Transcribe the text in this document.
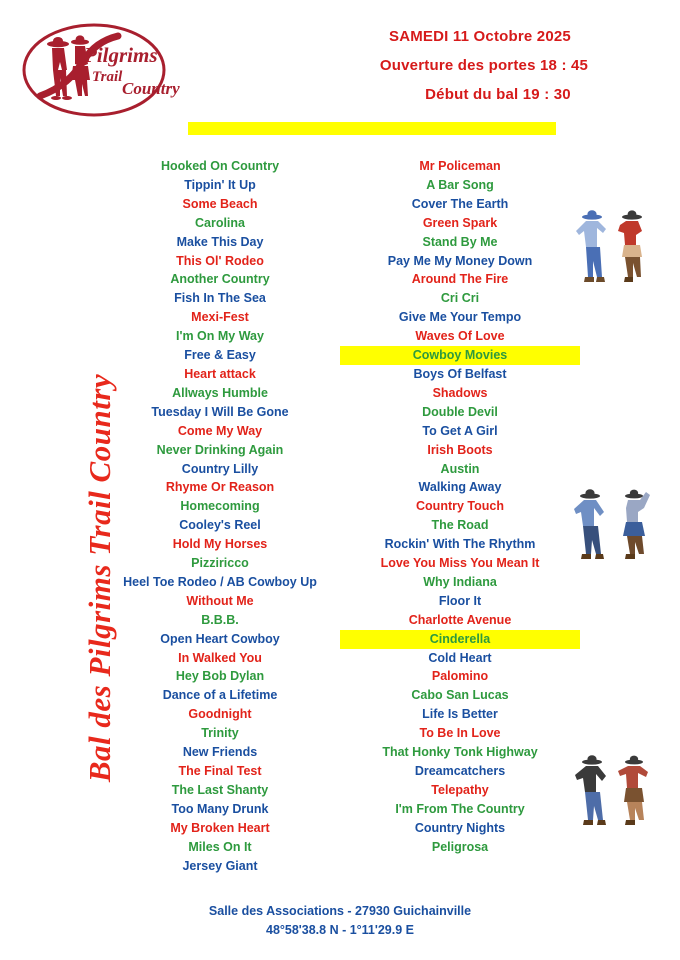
Pilgrims
Trail
Country
SAMEDI 11 Octobre 2025
Ouverture des portes 18 : 45
Début du bal 19 : 30
Bal des Pilgrims Trail Country
Hooked On Country
Tippin' It Up
Some Beach
Carolina
Make This Day
This Ol' Rodeo
Another Country
Fish In The Sea
Mexi-Fest
I'm On My Way
Free & Easy
Heart attack
Allways Humble
Tuesday I Will Be Gone
Come My Way
Never Drinking Again
Country Lilly
Rhyme Or Reason
Homecoming
Cooley's Reel
Hold My Horses
Pizziricco
Heel Toe Rodeo / AB Cowboy Up
Without Me
B.B.B.
Open Heart Cowboy
In Walked You
Hey Bob Dylan
Dance of a Lifetime
Goodnight
Trinity
New Friends
The Final Test
The Last Shanty
Too Many Drunk
My Broken Heart
Miles On It
Jersey Giant
Mr Policeman
A Bar Song
Cover The Earth
Green Spark
Stand By Me
Pay Me My Money Down
Around The Fire
Cri Cri
Give Me Your Tempo
Waves Of Love
Cowboy Movies
Boys Of Belfast
Shadows
Double Devil
To Get A Girl
Irish Boots
Austin
Walking Away
Country Touch
The Road
Rockin' With The Rhythm
Love You Miss You Mean It
Why Indiana
Floor It
Charlotte Avenue
Cinderella
Cold Heart
Palomino
Cabo San Lucas
Life Is Better
To Be In Love
That Honky Tonk Highway
Dreamcatchers
Telepathy
I'm From The Country
Country Nights
Peligrosa
Salle des Associations - 27930 Guichainville
48°58'38.8 N - 1°11'29.9 E
